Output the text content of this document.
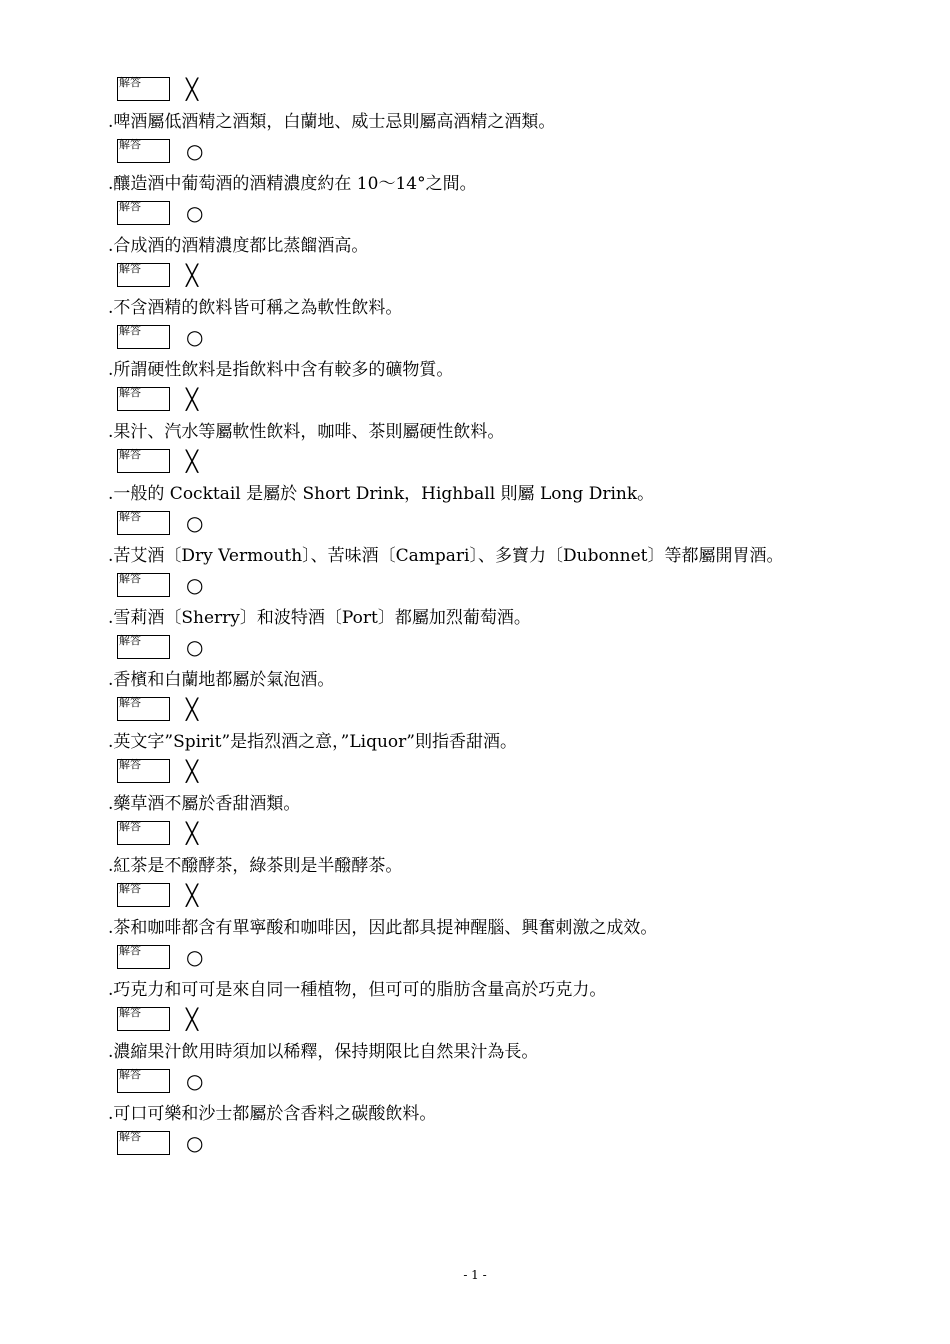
解答 ╳
.啤酒屬低酒精之酒類，白蘭地、威士忌則屬高酒精之酒類。
解答 ○
.釀造酒中葡萄酒的酒精濃度約在 10～14°之間。
解答 ○
.合成酒的酒精濃度都比蒸餾酒高。
解答 ╳
.不含酒精的飲料皆可稱之為軟性飲料。
解答 ○
.所謂硬性飲料是指飲料中含有較多的礦物質。
解答 ╳
.果汁、汽水等屬軟性飲料，咖啡、茶則屬硬性飲料。
解答 ╳
.一般的 Cocktail 是屬於 Short Drink，Highball 則屬 Long Drink。
解答 ○
.苦艾酒〔Dry Vermouth〕、苦味酒〔Campari〕、多寶力〔Dubonnet〕等都屬開胃酒。
解答 ○
.雪莉酒〔Sherry〕和波特酒〔Port〕都屬加烈葡萄酒。
解答 ○
.香檳和白蘭地都屬於氣泡酒。
解答 ╳
.英文字”Spirit”是指烈酒之意，”Liquor”則指香甜酒。
解答 ╳
.藥草酒不屬於香甜酒類。
解答 ╳
.紅茶是不醱酵茶，綠茶則是半醱酵茶。
解答 ╳
.茶和咖啡都含有單寧酸和咖啡因，因此都具提神醒腦、興奮刺激之成效。
解答 ○
.巧克力和可可是來自同一種植物，但可可的脂肪含量高於巧克力。
解答 ╳
.濃縮果汁飲用時須加以稀釋，保持期限比自然果汁為長。
解答 ○
.可口可樂和沙士都屬於含香料之碳酸飲料。
解答 ○
- 1 -
